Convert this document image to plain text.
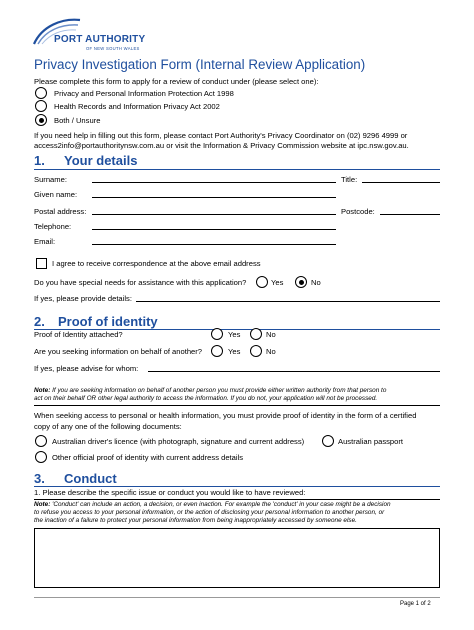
PORT AUTHORITY
OF NEW SOUTH WALES
Privacy Investigation Form (Internal Review Application)
Please complete this form to apply for a review of conduct under (please select one):
Privacy and Personal Information Protection Act 1998
Health Records and Information Privacy Act 2002
Both / Unsure
If you need help in filling out this form, please contact Port Authority's Privacy Coordinator on (02) 9296 4999 or
access2info@portauthoritynsw.com.au or visit the Information & Privacy Commission website at ipc.nsw.gov.au.
1. Your details
Surname:	Title:
Given name:
Postal address:	Postcode:
Telephone:
Email:
I agree to receive correspondence at the above email address
Do you have special needs for assistance with this application?	Yes	No
If yes, please provide details:
2. Proof of identity
Proof of Identity attached?	Yes	No
Are you seeking information on behalf of another?	Yes	No
If yes, please advise for whom:
Note: If you are seeking information on behalf of another person you must provide either written authority from that person to
act on their behalf OR other legal authority to access the information. If you do not, your application will not be processed.
When seeking access to personal or health information, you must provide proof of identity in the form of a certified
copy of any one of the following documents:
Australian driver's licence (with photograph, signature and current address)	Australian passport
Other official proof of identity with current address details
3. Conduct
1. Please describe the specific issue or conduct you would like to have reviewed:
Note: 'Conduct' can include an action, a decision, or even inaction. For example the 'conduct' in your case might be a decision
to refuse you access to your personal information, or the action of disclosing your personal information to another person, or
the inaction of a failure to protect your personal information from being inappropriately accessed by someone else.
Page 1 of 2
